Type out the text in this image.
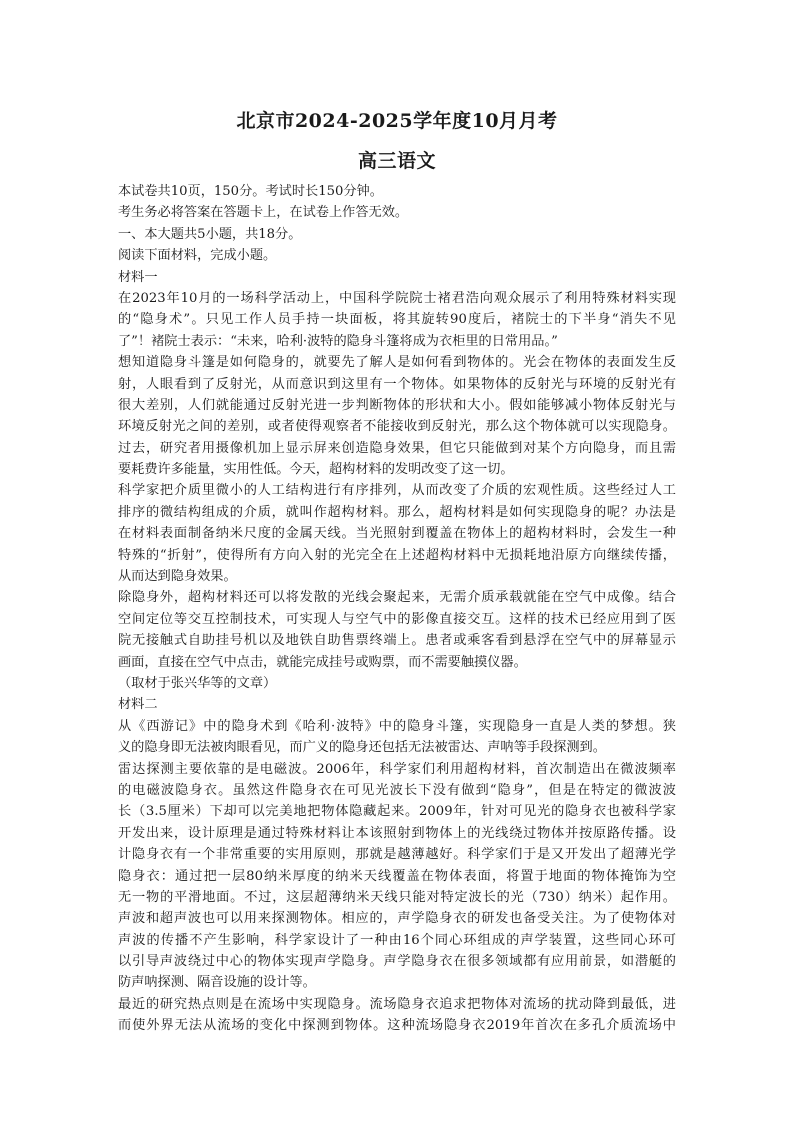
北京市2024-2025学年度10月月考
高三语文
本试卷共10页，150分。考试时长150分钟。
考生务必将答案在答题卡上，在试卷上作答无效。
一、本大题共5小题，共18分。
阅读下面材料，完成小题。
材料一
在2023年10月的一场科学活动上，中国科学院院士褚君浩向观众展示了利用特殊材料实现
的“隐身术”。只见工作人员手持一块面板，将其旋转90度后，褚院士的下半身“消失不见
了”！褚院士表示：“未来，哈利·波特的隐身斗篷将成为衣柜里的日常用品。”
想知道隐身斗篷是如何隐身的，就要先了解人是如何看到物体的。光会在物体的表面发生反
射，人眼看到了反射光，从而意识到这里有一个物体。如果物体的反射光与环境的反射光有
很大差别，人们就能通过反射光进一步判断物体的形状和大小。假如能够减小物体反射光与
环境反射光之间的差别，或者使得观察者不能接收到反射光，那么这个物体就可以实现隐身。
过去，研究者用摄像机加上显示屏来创造隐身效果，但它只能做到对某个方向隐身，而且需
要耗费许多能量，实用性低。今天，超构材料的发明改变了这一切。
科学家把介质里微小的人工结构进行有序排列，从而改变了介质的宏观性质。这些经过人工
排序的微结构组成的介质，就叫作超构材料。那么，超构材料是如何实现隐身的呢？办法是
在材料表面制备纳米尺度的金属天线。当光照射到覆盖在物体上的超构材料时，会发生一种
特殊的“折射”，使得所有方向入射的光完全在上述超构材料中无损耗地沿原方向继续传播，
从而达到隐身效果。
除隐身外，超构材料还可以将发散的光线会聚起来，无需介质承载就能在空气中成像。结合
空间定位等交互控制技术，可实现人与空气中的影像直接交互。这样的技术已经应用到了医
院无接触式自助挂号机以及地铁自助售票终端上。患者或乘客看到悬浮在空气中的屏幕显示
画面，直接在空气中点击，就能完成挂号或购票，而不需要触摸仪器。
（取材于张兴华等的文章）
材料二
从《西游记》中的隐身术到《哈利·波特》中的隐身斗篷，实现隐身一直是人类的梦想。狭
义的隐身即无法被肉眼看见，而广义的隐身还包括无法被雷达、声呐等手段探测到。
雷达探测主要依靠的是电磁波。2006年，科学家们利用超构材料，首次制造出在微波频率
的电磁波隐身衣。虽然这件隐身衣在可见光波长下没有做到“隐身”，但是在特定的微波波
长（3.5厘米）下却可以完美地把物体隐藏起来。2009年，针对可见光的隐身衣也被科学家
开发出来，设计原理是通过特殊材料让本该照射到物体上的光线绕过物体并按原路传播。设
计隐身衣有一个非常重要的实用原则，那就是越薄越好。科学家们于是又开发出了超薄光学
隐身衣：通过把一层80纳米厚度的纳米天线覆盖在物体表面，将置于地面的物体掩饰为空
无一物的平滑地面。不过，这层超薄纳米天线只能对特定波长的光（730）纳米）起作用。
声波和超声波也可以用来探测物体。相应的，声学隐身衣的研发也备受关注。为了使物体对
声波的传播不产生影响，科学家设计了一种由16个同心环组成的声学装置，这些同心环可
以引导声波绕过中心的物体实现声学隐身。声学隐身衣在很多领域都有应用前景，如潜艇的
防声呐探测、隔音设施的设计等。
最近的研究热点则是在流场中实现隐身。流场隐身衣追求把物体对流场的扰动降到最低，进
而使外界无法从流场的变化中探测到物体。这种流场隐身衣2019年首次在多孔介质流场中
